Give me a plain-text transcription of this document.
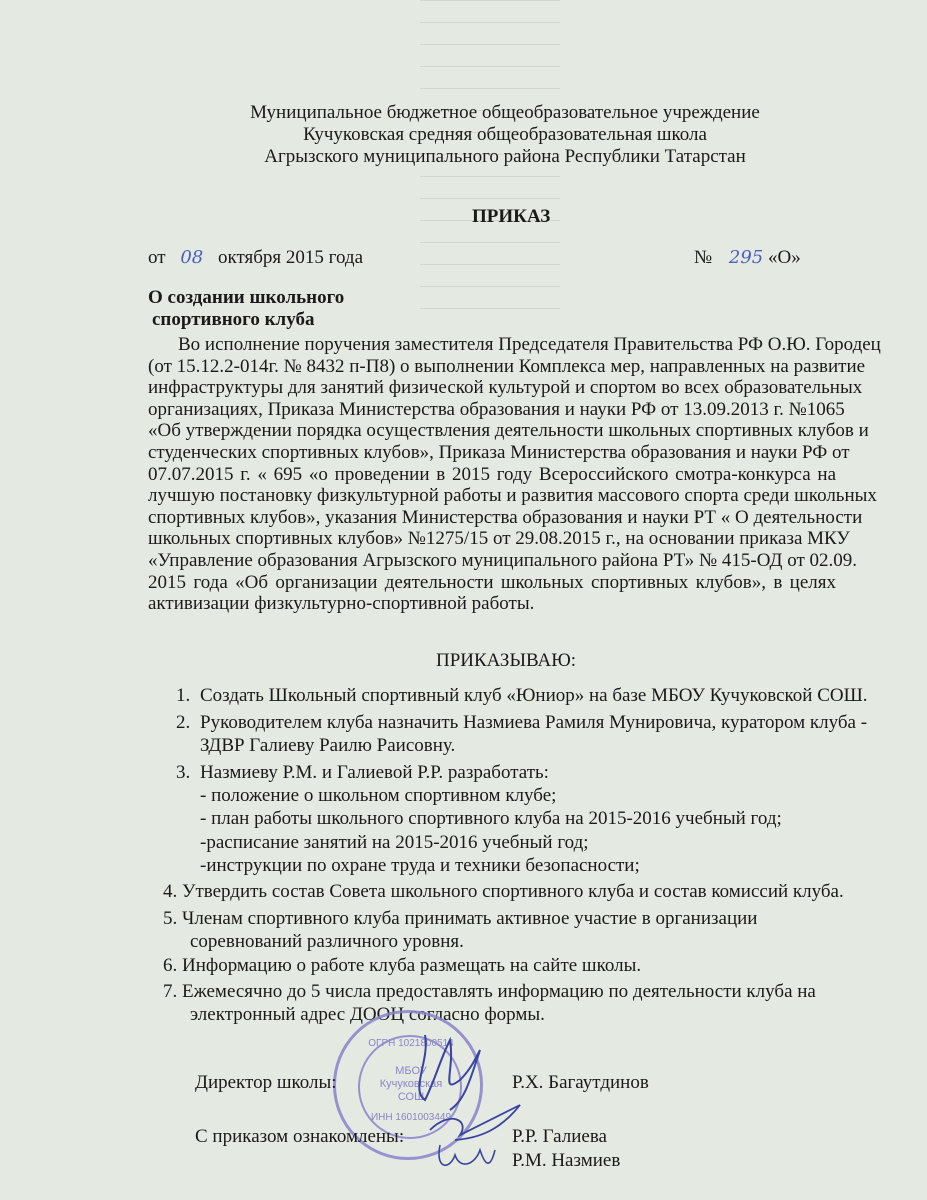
Муниципальное бюджетное общеобразовательное учреждение
Кучуковская средняя общеобразовательная школа
Агрызского муниципального района Республики Татарстан
ПРИКАЗ
от 08 октября 2015 года	№ 295 «О»
О создании школьного
спортивного клуба
Во исполнение поручения заместителя Председателя Правительства РФ О.Ю. Городец
(от 15.12.2-014г. № 8432 п-П8) о выполнении Комплекса мер, направленных на развитие
инфраструктуры для занятий физической культурой и спортом во всех образовательных
организациях, Приказа Министерства образования и науки РФ от 13.09.2013 г. №1065
«Об утверждении порядка осуществления деятельности школьных спортивных клубов и
студенческих спортивных клубов», Приказа Министерства образования и науки РФ от
07.07.2015 г. « 695 «о проведении в 2015 году Всероссийского смотра-конкурса на
лучшую постановку физкультурной работы и развития массового спорта среди школьных
спортивных клубов», указания Министерства образования и науки РТ « О деятельности
школьных спортивных клубов» №1275/15 от 29.08.2015 г., на основании приказа МКУ
«Управление образования Агрызского муниципального района РТ» № 415-ОД от 02.09.
2015 года «Об организации деятельности школьных спортивных клубов», в целях
активизации физкультурно-спортивной работы.
ПРИКАЗЫВАЮ:
1. Создать Школьный спортивный клуб «Юниор» на базе МБОУ Кучуковской СОШ.
2. Руководителем клуба назначить Назмиева Рамиля Мунировича, куратором клуба -
ЗДВР Галиеву Раилю Раисовну.
3. Назмиеву Р.М. и Галиевой Р.Р. разработать:
- положение о школьном спортивном клубе;
- план работы школьного спортивного клуба на 2015-2016 учебный год;
-расписание занятий на 2015-2016 учебный год;
-инструкции по охране труда и техники безопасности;
4. Утвердить состав Совета школьного спортивного клуба и состав комиссий клуба.
5. Членам спортивного клуба принимать активное участие в организации
соревнований различного уровня.
6. Информацию о работе клуба размещать на сайте школы.
7. Ежемесячно до 5 числа предоставлять информацию по деятельности клуба на
электронный адрес ДООЦ согласно формы.
ОГРН 1021800514
МБОУ
Кучуковская
СОШ
ИНН 1601003449
Директор школы:	Р.Х. Багаутдинов
С приказом ознакомлены:	Р.Р. Галиева
Р.М. Назмиев
